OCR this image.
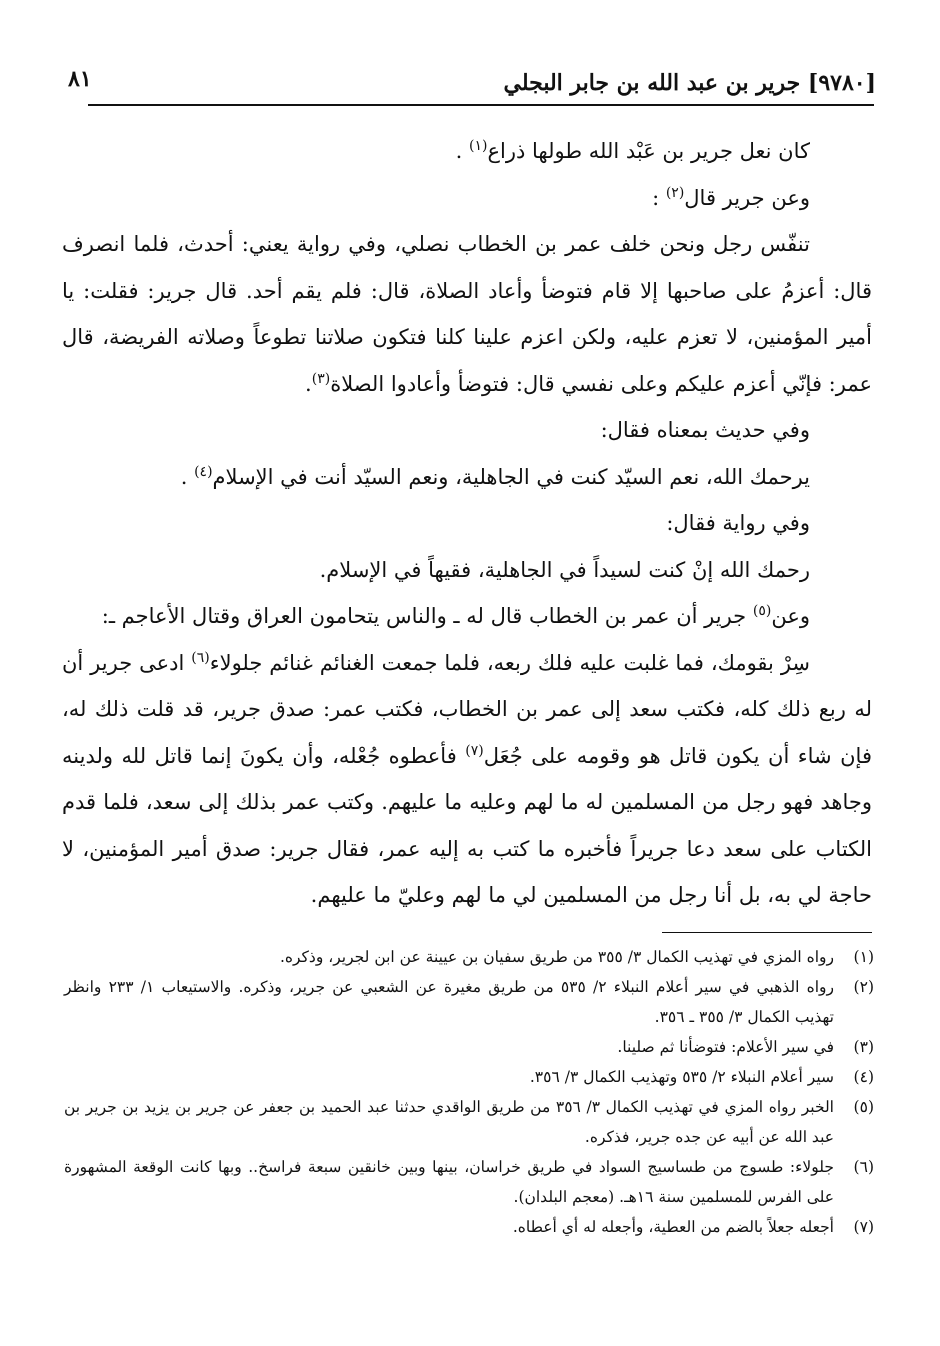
[٩٧٨٠] جرير بن عبد الله بن جابر البجلي
٨١

كان نعل جرير بن عَبْد الله طولها ذراع$^{(١)}$ .

وعن جرير قال$^{(٢)}$ :

تنفّس رجل ونحن خلف عمر بن الخطاب نصلي، وفي رواية يعني: أحدث، فلما انصرف قال: أعزمُ على صاحبها إلا قام فتوضأ وأعاد الصلاة، قال: فلم يقم أحد. قال جرير: فقلت: يا أمير المؤمنين، لا تعزم عليه، ولكن اعزم علينا كلنا فتكون صلاتنا تطوعاً وصلاته الفريضة، قال عمر: فإنّي أعزم عليكم وعلى نفسي قال: فتوضأ وأعادوا الصلاة$^{(٣)}$.

وفي حديث بمعناه فقال:

يرحمك الله، نعم السيّد كنت في الجاهلية، ونعم السيّد أنت في الإسلام$^{(٤)}$ .

وفي رواية فقال:

رحمك الله إنْ كنت لسيداً في الجاهلية، فقيهاً في الإسلام.

وعن$^{(٥)}$ جرير أن عمر بن الخطاب قال له ـ والناس يتحامون العراق وقتال الأعاجم ـ:

سِرْ بقومك، فما غلبت عليه فلك ربعه، فلما جمعت الغنائم غنائم جلولاء$^{(٦)}$ ادعى جرير أن له ربع ذلك كله، فكتب سعد إلى عمر بن الخطاب، فكتب عمر: صدق جرير، قد قلت ذلك له، فإن شاء أن يكون قاتل هو وقومه على جُعَل$^{(٧)}$ فأعطوه جُعْله، وأن يكونَ إنما قاتل لله ولدينه وجاهد فهو رجل من المسلمين له ما لهم وعليه ما عليهم. وكتب عمر بذلك إلى سعد، فلما قدم الكتاب على سعد دعا جريراً فأخبره ما كتب به إليه عمر، فقال جرير: صدق أمير المؤمنين، لا حاجة لي به، بل أنا رجل من المسلمين لي ما لهم وعليّ ما عليهم.

(١)
رواه المزي في تهذيب الكمال ٣/ ٣٥٥ من طريق سفيان بن عيينة عن ابن لجرير، وذكره.
(٢)
رواه الذهبي في سير أعلام النبلاء ٢/ ٥٣٥ من طريق مغيرة عن الشعبي عن جرير، وذكره. والاستيعاب ١/ ٢٣٣ وانظر تهذيب الكمال ٣/ ٣٥٥ ـ ٣٥٦.
(٣)
في سير الأعلام: فتوضأنا ثم صلينا.
(٤)
سير أعلام النبلاء ٢/ ٥٣٥ وتهذيب الكمال ٣/ ٣٥٦.
(٥)
الخبر رواه المزي في تهذيب الكمال ٣/ ٣٥٦ من طريق الواقدي حدثنا عبد الحميد بن جعفر عن جرير بن يزيد بن جرير بن عبد الله عن أبيه عن جده جرير، فذكره.
(٦)
جلولاء: طسوج من طساسيج السواد في طريق خراسان، بينها وبين خانقين سبعة فراسخ.. وبها كانت الوقعة المشهورة على الفرس للمسلمين سنة ١٦هـ. (معجم البلدان).
(٧)
أجعله جعلاً بالضم من العطية، وأجعله له أي أعطاه.
